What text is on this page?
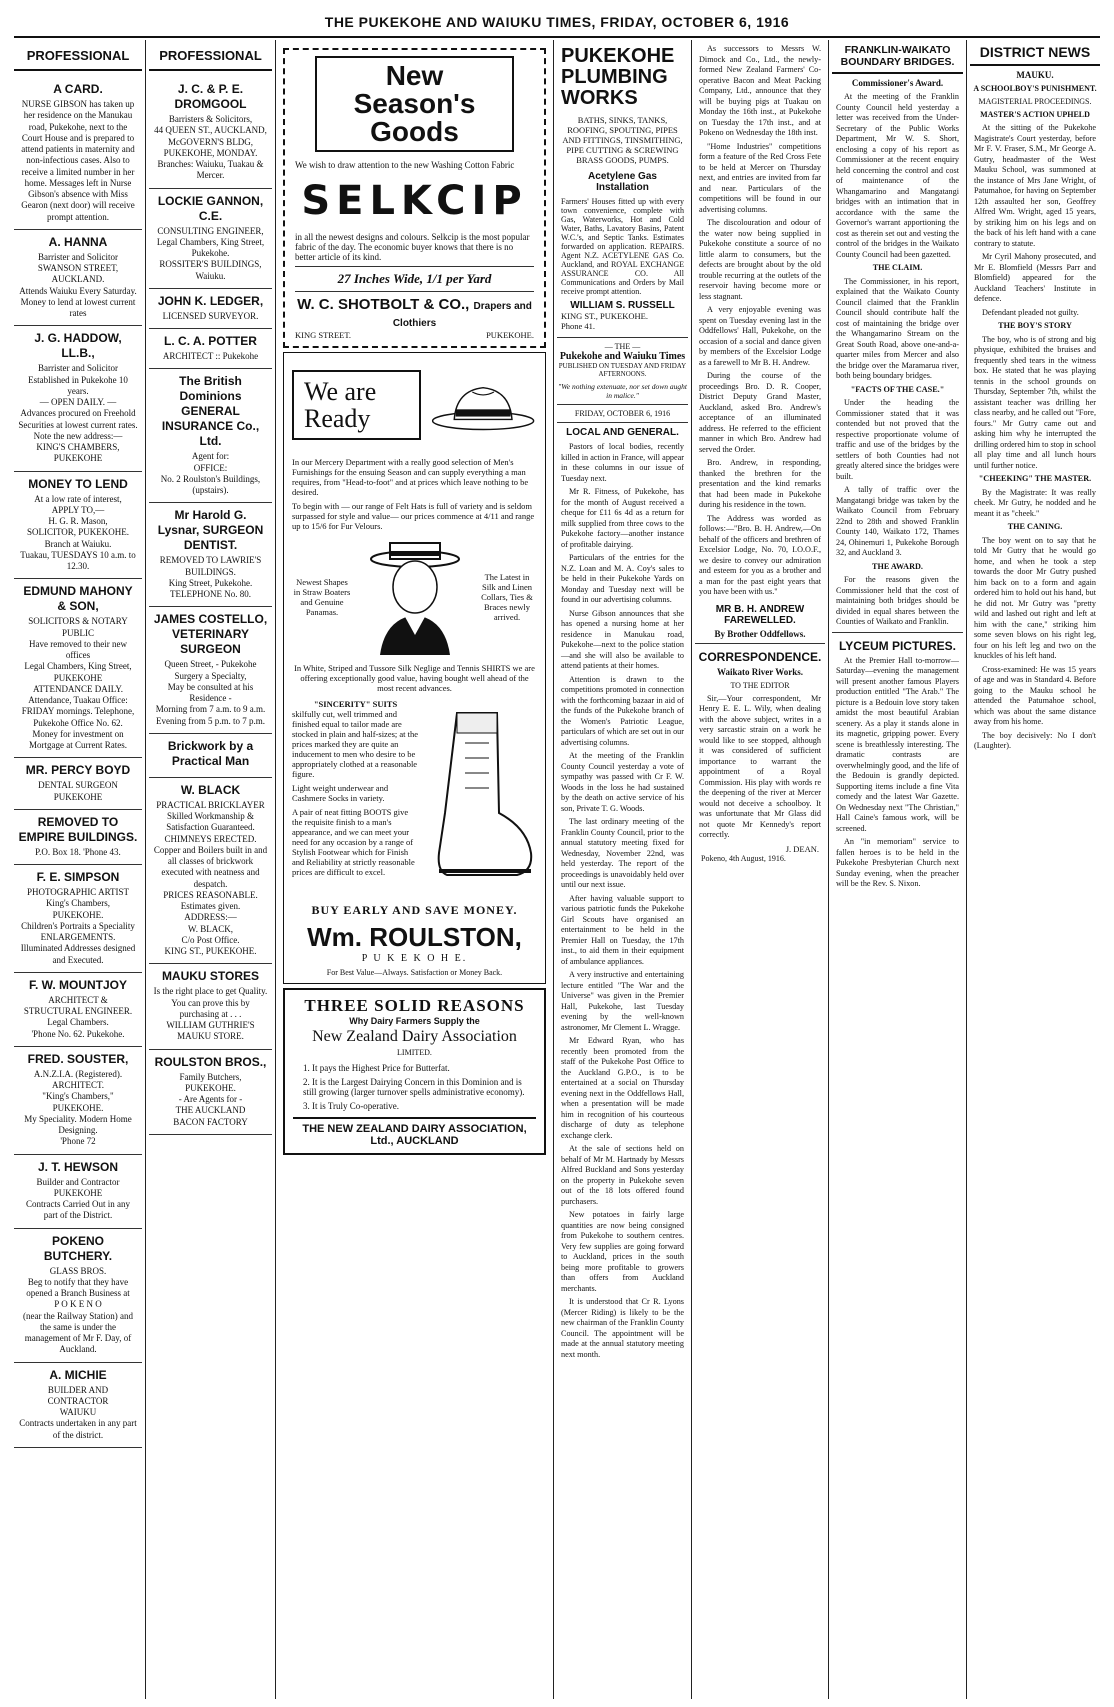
THE PUKEKOHE AND WAIUKU TIMES, FRIDAY, OCTOBER 6, 1916
PROFESSIONAL
A CARD.
NURSE GIBSON has taken up her residence on the Manukau road, Pukekohe, next to the Court House and is prepared to attend patients in maternity and non-infectious cases. Also to receive a limited number in her home. Messages left in Nurse Gibson's absence with Miss Gearon (next door) will receive prompt attention.
A. HANNA
Barrister and Solicitor
SWANSON STREET, AUCKLAND.
Attends Waiuku Every Saturday.
Money to lend at lowest current rates
J. G. HADDOW, LL.B.,
Barrister and Solicitor
Established in Pukekohe 10 years.
— OPEN DAILY. —
Advances procured on Freehold Securities at lowest current rates.
Note the new address:—
KING'S CHAMBERS, PUKEKOHE
MONEY TO LEND
At a low rate of interest,
APPLY TO,—
H. G. R. Mason,
SOLICITOR, PUKEKOHE.
Branch at Waiuku.
Tuakau, TUESDAYS 10 a.m. to 12.30.
EDMUND MAHONY & SON,
SOLICITORS & NOTARY PUBLIC
Have removed to their new offices
Legal Chambers, King Street,
PUKEKOHE
ATTENDANCE DAILY.
Attendance, Tuakau Office: FRIDAY mornings. Telephone, Pukekohe Office No. 62.
Money for investment on Mortgage at Current Rates.
MR. PERCY BOYD
DENTAL SURGEON
PUKEKOHE
REMOVED TO EMPIRE BUILDINGS.
P.O. Box 18. 'Phone 43.
F. E. SIMPSON
PHOTOGRAPHIC ARTIST
King's Chambers,
PUKEKOHE.
Children's Portraits a Speciality
ENLARGEMENTS.
Illuminated Addresses designed and Executed.
F. W. MOUNTJOY
ARCHITECT & STRUCTURAL ENGINEER.
Legal Chambers.
'Phone No. 62. Pukekohe.
FRED. SOUSTER,
A.N.Z.I.A. (Registered).
ARCHITECT.
"King's Chambers,"
PUKEKOHE.
My Speciality. Modern Home Designing.
'Phone 72
J. T. HEWSON
Builder and Contractor
PUKEKOHE
Contracts Carried Out in any part of the District.
POKENO BUTCHERY.
GLASS BROS.
Beg to notify that they have opened a Branch Business at
P O K E N O
(near the Railway Station) and the same is under the management of Mr F. Day, of Auckland.
A. MICHIE
BUILDER AND CONTRACTOR
WAIUKU
Contracts undertaken in any part of the district.
PROFESSIONAL
J. C. & P. E. DROMGOOL
Barristers & Solicitors,
44 QUEEN ST., AUCKLAND,
McGOVERN'S BLDG, PUKEKOHE, MONDAY.
Branches: Waiuku, Tuakau & Mercer.
LOCKIE GANNON, C.E.
CONSULTING ENGINEER,
Legal Chambers, King Street,
Pukekohe.
ROSSITER'S BUILDINGS,
Waiuku.
JOHN K. LEDGER,
LICENSED SURVEYOR.
L. C. A. POTTER
ARCHITECT :: Pukekohe
The British Dominions GENERAL INSURANCE Co., Ltd.
Agent for:
OFFICE:
No. 2 Roulston's Buildings, (upstairs).
Mr Harold G. Lysnar, SURGEON DENTIST.
REMOVED TO LAWRIE'S BUILDINGS.
King Street, Pukekohe.
TELEPHONE No. 80.
JAMES COSTELLO, VETERINARY SURGEON
Queen Street, - Pukekohe
Surgery a Specialty,
May be consulted at his Residence -
Morning from 7 a.m. to 9 a.m.
Evening from 5 p.m. to 7 p.m.
Brickwork by a Practical Man
W. BLACK
PRACTICAL BRICKLAYER
Skilled Workmanship & Satisfaction Guaranteed.
CHIMNEYS ERECTED.
Copper and Boilers built in and all classes of brickwork executed with neatness and despatch.
PRICES REASONABLE.
Estimates given.
ADDRESS:—
W. BLACK,
C/o Post Office.
KING ST., PUKEKOHE.
MAUKU STORES
Is the right place to get Quality. You can prove this by purchasing at . . .
WILLIAM GUTHRIE'S
MAUKU STORE.
ROULSTON BROS.,
Family Butchers,
PUKEKOHE.
- Are Agents for -
THE AUCKLAND
BACON FACTORY
New Season's Goods
We wish to draw attention to the new Washing Cotton Fabric
SELKCIP
in all the newest designs and colours. Selkcip is the most popular fabric of the day. The economic buyer knows that there is no better article of its kind.
27 Inches Wide, 1/1 per Yard
W. C. SHOTBOLT & CO., Drapers and Clothiers
KING STREET.	PUKEKOHE.
We are Ready
In our Mercery Department with a really good selection of Men's Furnishings for the ensuing Season and can supply everything a man requires, from "Head-to-foot" and at prices which leave nothing to be desired.
To begin with — our range of Felt Hats is full of variety and is seldom surpassed for style and value— our prices commence at 4/11 and range up to 15/6 for Fur Velours.
Newest Shapes in Straw Boaters and Genuine Panamas.
The Latest in Silk and Linen Collars, Ties & Braces newly arrived.
In White, Striped and Tussore Silk Neglige and Tennis SHIRTS we are offering exceptionally good value, having bought well ahead of the most recent advances.
"SINCERITY" SUITS
skilfully cut, well trimmed and finished equal to tailor made are stocked in plain and half-sizes; at the prices marked they are quite an inducement to men who desire to be appropriately clothed at a reasonable figure.
Light weight underwear and Cashmere Socks in variety.
A pair of neat fitting BOOTS give the requisite finish to a man's appearance, and we can meet your need for any occasion by a range of Stylish Footwear which for Finish and Reliability at strictly reasonable prices are difficult to excel.
BUY EARLY AND SAVE MONEY.
Wm. ROULSTON,
P U K E K O H E.
For Best Value—Always. Satisfaction or Money Back.
THREE SOLID REASONS
Why Dairy Farmers Supply the
New Zealand Dairy Association
LIMITED.
1. It pays the Highest Price for Butterfat.
2. It is the Largest Dairying Concern in this Dominion and is still growing (larger turnover spells administrative economy).
3. It is Truly Co-operative.
THE NEW ZEALAND DAIRY ASSOCIATION, Ltd., AUCKLAND
PUKEKOHE PLUMBING WORKS
BATHS, SINKS, TANKS, ROOFING, SPOUTING, PIPES AND FITTINGS, TINSMITHING, PIPE CUTTING & SCREWING BRASS GOODS, PUMPS.
Acetylene Gas Installation
Farmers' Houses fitted up with every town convenience, complete with Gas, Waterworks, Hot and Cold Water, Baths, Lavatory Basins, Patent W.C.'s, and Septic Tanks. Estimates forwarded on application. REPAIRS. Agent N.Z. ACETYLENE GAS Co. Auckland, and ROYAL EXCHANGE ASSURANCE CO. All Communications and Orders by Mail receive prompt attention.
WILLIAM S. RUSSELL
KING ST., PUKEKOHE.
Phone 41.
— THE —
Pukekohe and Waiuku Times
PUBLISHED ON TUESDAY AND FRIDAY AFTERNOONS.
"We nothing extenuate, nor set down aught in malice."
FRIDAY, OCTOBER 6, 1916
LOCAL AND GENERAL.

Pastors of local bodies, recently killed in action in France, will appear in these columns in our issue of Tuesday next.

Mr R. Fitness, of Pukekohe, has for the month of August received a cheque for £11 6s 4d as a return for milk supplied from three cows to the Pukekohe factory—another instance of profitable dairying.

Particulars of the entries for the N.Z. Loan and M. A. Coy's sales to be held in their Pukekohe Yards on Monday and Tuesday next will be found in our advertising columns.

Nurse Gibson announces that she has opened a nursing home at her residence in Manukau road, Pukekohe—next to the police station—and she will also be available to attend patients at their homes.

Attention is drawn to the competitions promoted in connection with the forthcoming bazaar in aid of the funds of the Pukekohe branch of the Women's Patriotic League, particulars of which are set out in our advertising columns.

At the meeting of the Franklin County Council yesterday a vote of sympathy was passed with Cr F. W. Woods in the loss he had sustained by the death on active service of his son, Private T. G. Woods.

The last ordinary meeting of the Franklin County Council, prior to the annual statutory meeting fixed for Wednesday, November 22nd, was held yesterday. The report of the proceedings is unavoidably held over until our next issue.

After having valuable support to various patriotic funds the Pukekohe Girl Scouts have organised an entertainment to be held in the Premier Hall on Tuesday, the 17th inst., to aid them in their equipment of ambulance appliances.

A very instructive and entertaining lecture entitled "The War and the Universe" was given in the Premier Hall, Pukekohe, last Tuesday evening by the well-known astronomer, Mr Clement L. Wragge.

Mr Edward Ryan, who has recently been promoted from the staff of the Pukekohe Post Office to the Auckland G.P.O., is to be entertained at a social on Thursday evening next in the Oddfellows Hall, when a presentation will be made him in recognition of his courteous discharge of duty as telephone exchange clerk.

At the sale of sections held on behalf of Mr M. Hartnady by Messrs Alfred Buckland and Sons yesterday on the property in Pukekohe seven out of the 18 lots offered found purchasers.

New potatoes in fairly large quantities are now being consigned from Pukekohe to southern centres. Very few supplies are going forward to Auckland, prices in the south being more profitable to growers than offers from Auckland merchants.

It is understood that Cr R. Lyons (Mercer Riding) is likely to be the new chairman of the Franklin County Council. The appointment will be made at the annual statutory meeting next month.

As successors to Messrs W. Dimock and Co., Ltd., the newly-formed New Zealand Farmers' Co-operative Bacon and Meat Packing Company, Ltd., announce that they will be buying pigs at Tuakau on Monday the 16th inst., at Pukekohe on Tuesday the 17th inst., and at Pokeno on Wednesday the 18th inst.

"Home Industries" competitions form a feature of the Red Cross Fete to be held at Mercer on Thursday next, and entries are invited from far and near. Particulars of the competitions will be found in our advertising columns.

The discolouration and odour of the water now being supplied in Pukekohe constitute a source of no little alarm to consumers, but the defects are brought about by the old trouble recurring at the outlets of the reservoir having become more or less stagnant.

A very enjoyable evening was spent on Tuesday evening last in the Oddfellows' Hall, Pukekohe, on the occasion of a social and dance given by members of the Excelsior Lodge as a farewell to Mr B. H. Andrew.

During the course of the proceedings Bro. D. R. Cooper, District Deputy Grand Master, Auckland, asked Bro. Andrew's acceptance of an illuminated address. He referred to the efficient manner in which Bro. Andrew had served the Order.

Bro. Andrew, in responding, thanked the brethren for the presentation and the kind remarks that had been made in Pukekohe during his residence in the town.

The Address was worded as follows:—"Bro. B. H. Andrew,—On behalf of the officers and brethren of Excelsior Lodge, No. 70, I.O.O.F., we desire to convey our admiration and esteem for you as a brother and a man for the past eight years that you have been with us."

MR B. H. ANDREW FAREWELLED.
By Brother Oddfellows.
CORRESPONDENCE.
Waikato River Works.
TO THE EDITOR

Sir,—Your correspondent, Mr Henry E. E. L. Wily, when dealing with the above subject, writes in a very sarcastic strain on a work he would like to see stopped, although it was considered of sufficient importance to warrant the appointment of a Royal Commission. His play with words re the deepening of the river at Mercer would not deceive a schoolboy. It was unfortunate that Mr Glass did not quote Mr Kennedy's report correctly.

J. DEAN.
Pokeno, 4th August, 1916.
FRANKLIN-WAIKATO BOUNDARY BRIDGES.
Commissioner's Award.

At the meeting of the Franklin County Council held yesterday a letter was received from the Under-Secretary of the Public Works Department, Mr W. S. Short, enclosing a copy of his report as Commissioner at the recent enquiry held concerning the control and cost of maintenance of the Whangamarino and Mangatangi bridges with an intimation that in accordance with the same the Governor's warrant apportioning the cost as therein set out and vesting the control of the bridges in the Waikato County Council had been gazetted.

THE CLAIM.

The Commissioner, in his report, explained that the Waikato County Council claimed that the Franklin Council should contribute half the cost of maintaining the bridge over the Whangamarino Stream on the Great South Road, above one-and-a-quarter miles from Mercer and also the bridge over the Maramarua river, both being boundary bridges.

"FACTS OF THE CASE."

Under the heading the Commissioner stated that it was contended but not proved that the respective proportionate volume of traffic and use of the bridges by the settlers of both Counties had not greatly altered since the bridges were built.

A tally of traffic over the Mangatangi bridge was taken by the Waikato Council from February 22nd to 28th and showed Franklin County 140, Waikato 172, Thames 24, Ohinemuri 1, Pukekohe Borough 32, and Auckland 3.

THE AWARD.

For the reasons given the Commissioner held that the cost of maintaining both bridges should be divided in equal shares between the Counties of Waikato and Franklin.

LYCEUM PICTURES.

At the Premier Hall to-morrow—Saturday—evening the management will present another famous Players production entitled "The Arab." The picture is a Bedouin love story taken amidst the most beautiful Arabian scenery. As a play it stands alone in its magnetic, gripping power. Every scene is breathlessly interesting. The dramatic contrasts are overwhelmingly good, and the life of the Bedouin is grandly depicted. Supporting items include a fine Vita comedy and the latest War Gazette. On Wednesday next "The Christian," Hall Caine's famous work, will be screened.

An "in memoriam" service to fallen heroes is to be held in the Pukekohe Presbyterian Church next Sunday evening, when the preacher will be the Rev. S. Nixon.

DISTRICT NEWS
MAUKU.
A SCHOOLBOY'S PUNISHMENT.
MAGISTERIAL PROCEEDINGS.
MASTER'S ACTION UPHELD

At the sitting of the Pukekohe Magistrate's Court yesterday, before Mr F. V. Fraser, S.M., Mr George A. Gutry, headmaster of the West Mauku School, was summoned at the instance of Mrs Jane Wright, of Patumahoe, for having on September 12th assaulted her son, Geoffrey Alfred Wm. Wright, aged 15 years, by striking him on his legs and on the back of his left hand with a cane contrary to statute.

Mr Cyril Mahony prosecuted, and Mr E. Blomfield (Messrs Parr and Blomfield) appeared for the Auckland Teachers' Institute in defence.

Defendant pleaded not guilty.

THE BOY'S STORY

The boy, who is of strong and big physique, exhibited the bruises and frequently shed tears in the witness box. He stated that he was playing tennis in the school grounds on Thursday, September 7th, whilst the assistant teacher was drilling her class nearby, and he called out "Fore, fours." Mr Gutry came out and asking him why he interrupted the drilling ordered him to stop in school all play time and all lunch hours until further notice.

"CHEEKING" THE MASTER.

By the Magistrate: It was really cheek. Mr Gutry, he nodded and he meant it as "cheek."

THE CANING.

The boy went on to say that he told Mr Gutry that he would go home, and when he took a step towards the door Mr Gutry pushed him back on to a form and again ordered him to hold out his hand, but he did not. Mr Gutry was "pretty wild and lashed out right and left at him with the cane," striking him some seven blows on his right leg, four on his left leg and two on the knuckles of his left hand.

Cross-examined: He was 15 years of age and was in Standard 4. Before going to the Mauku school he attended the Patumahoe school, which was about the same distance away from his home.

The boy decisively: No I don't (Laughter).
